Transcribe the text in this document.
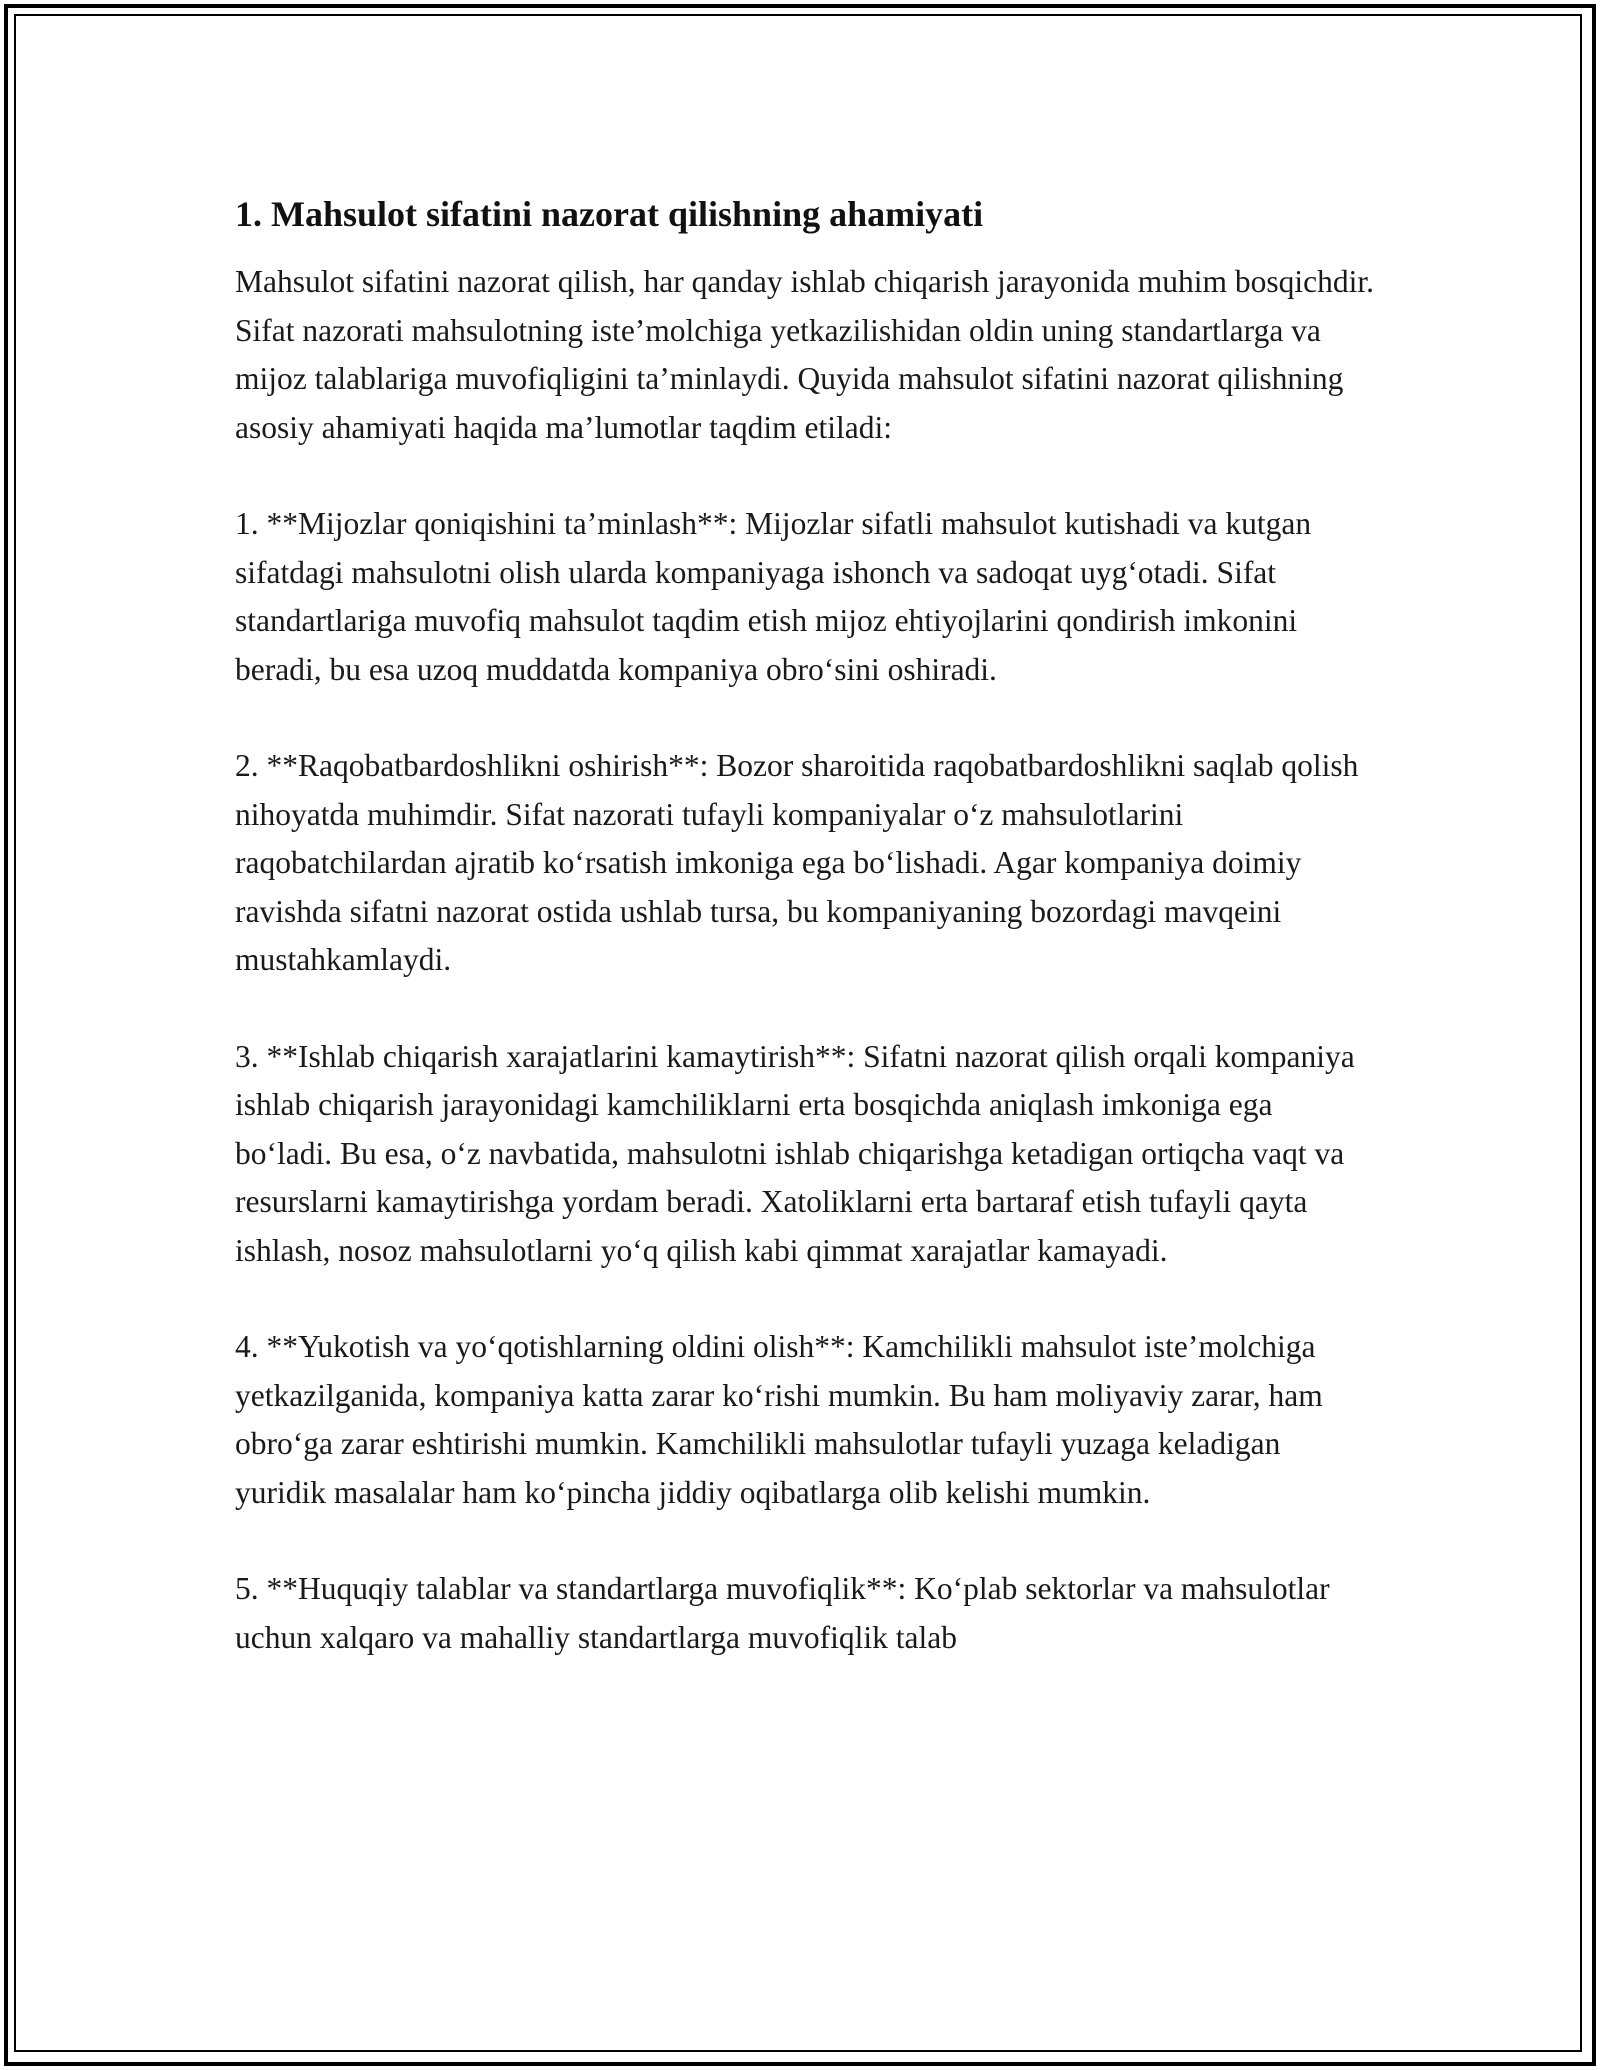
1. Mahsulot sifatini nazorat qilishning ahamiyati

Mahsulot sifatini nazorat qilish, har qanday ishlab chiqarish jarayonida muhim bosqichdir. Sifat nazorati mahsulotning iste’molchiga yetkazilishidan oldin uning standartlarga va mijoz talablariga muvofiqligini ta’minlaydi. Quyida mahsulot sifatini nazorat qilishning asosiy ahamiyati haqida ma’lumotlar taqdim etiladi:

1. **Mijozlar qoniqishini ta’minlash**: Mijozlar sifatli mahsulot kutishadi va kutgan sifatdagi mahsulotni olish ularda kompaniyaga ishonch va sadoqat uyg‘otadi. Sifat standartlariga muvofiq mahsulot taqdim etish mijoz ehtiyojlarini qondirish imkonini beradi, bu esa uzoq muddatda kompaniya obro‘sini oshiradi.

2. **Raqobatbardoshlikni oshirish**: Bozor sharoitida raqobatbardoshlikni saqlab qolish nihoyatda muhimdir. Sifat nazorati tufayli kompaniyalar o‘z mahsulotlarini raqobatchilardan ajratib ko‘rsatish imkoniga ega bo‘lishadi. Agar kompaniya doimiy ravishda sifatni nazorat ostida ushlab tursa, bu kompaniyaning bozordagi mavqeini mustahkamlaydi.

3. **Ishlab chiqarish xarajatlarini kamaytirish**: Sifatni nazorat qilish orqali kompaniya ishlab chiqarish jarayonidagi kamchiliklarni erta bosqichda aniqlash imkoniga ega bo‘ladi. Bu esa, o‘z navbatida, mahsulotni ishlab chiqarishga ketadigan ortiqcha vaqt va resurslarni kamaytirishga yordam beradi. Xatoliklarni erta bartaraf etish tufayli qayta ishlash, nosoz mahsulotlarni yo‘q qilish kabi qimmat xarajatlar kamayadi.

4. **Yukotish va yo‘qotishlarning oldini olish**: Kamchilikli mahsulot iste’molchiga yetkazilganida, kompaniya katta zarar ko‘rishi mumkin. Bu ham moliyaviy zarar, ham obro‘ga zarar eshtirishi mumkin. Kamchilikli mahsulotlar tufayli yuzaga keladigan yuridik masalalar ham ko‘pincha jiddiy oqibatlarga olib kelishi mumkin.

5. **Huquqiy talablar va standartlarga muvofiqlik**: Ko‘plab sektorlar va mahsulotlar uchun xalqaro va mahalliy standartlarga muvofiqlik talab
